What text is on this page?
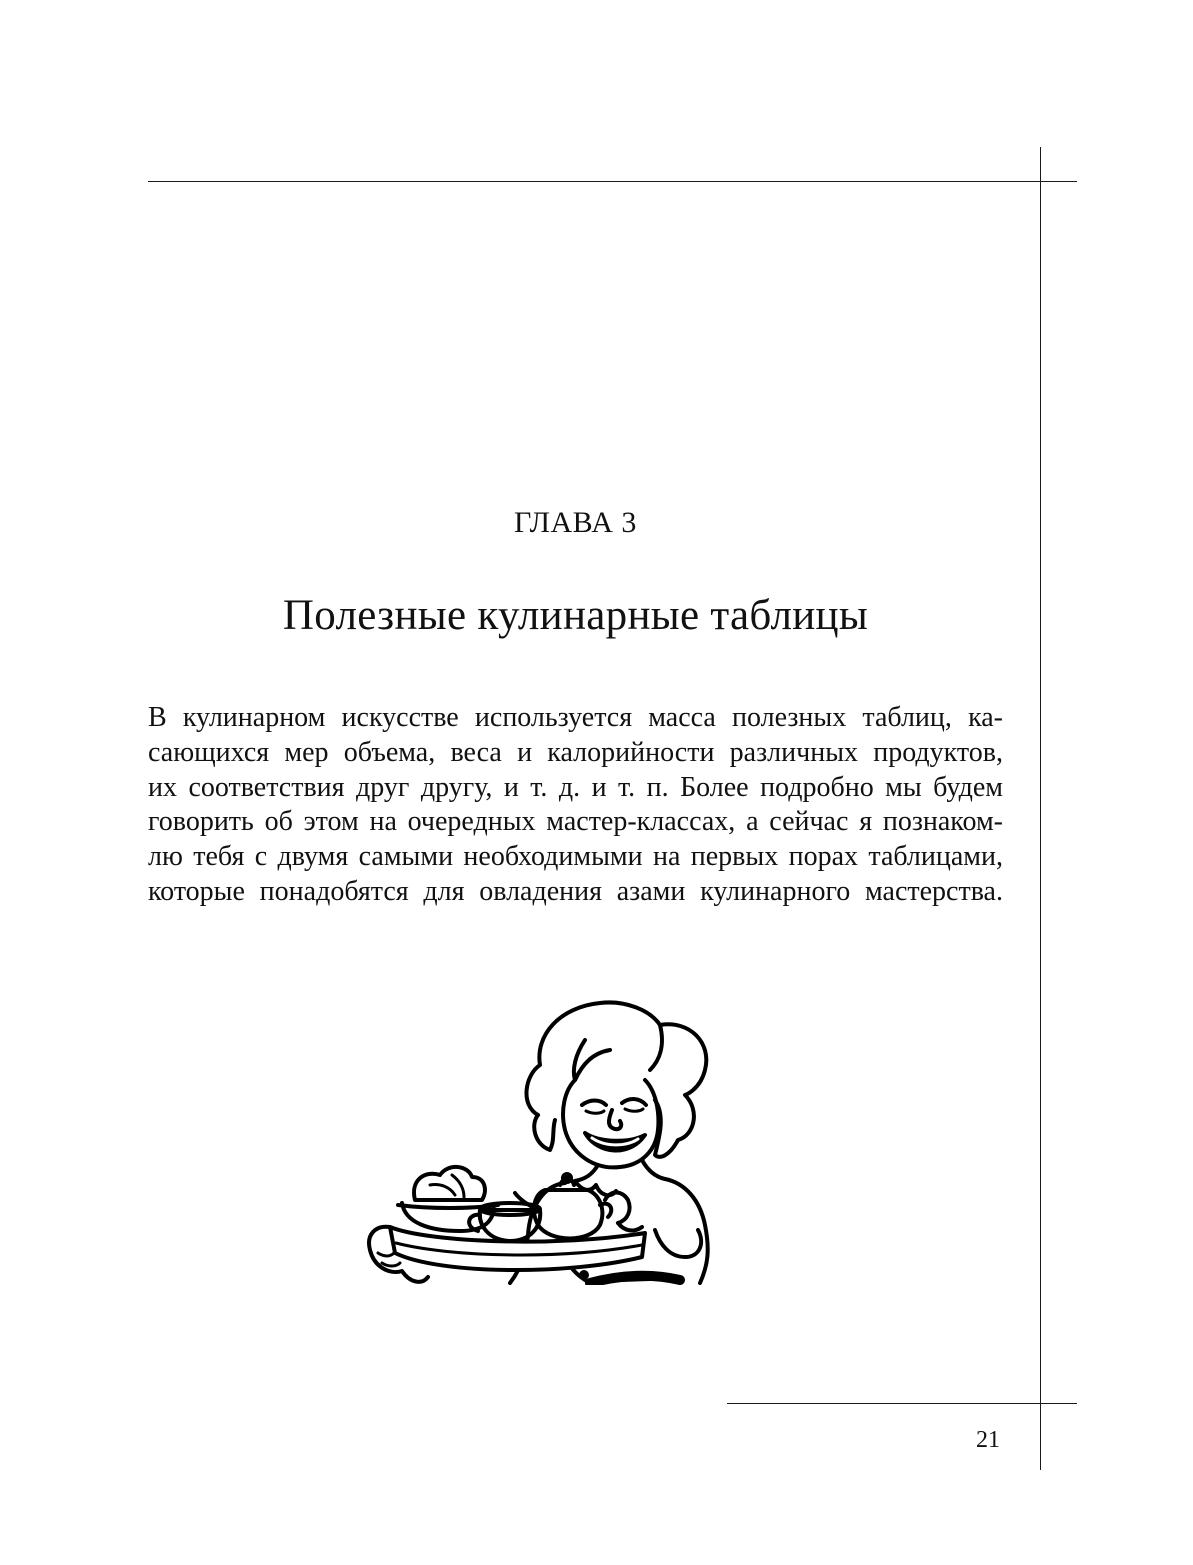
ГЛАВА 3
Полезные кулинарные таблицы
В кулинарном искусстве используется масса полезных таблиц, ка-
сающихся мер объема, веса и калорийности различных продуктов,
их соответствия друг другу, и т. д. и т. п. Более подробно мы будем
говорить об этом на очередных мастер-классах, а сейчас я познаком-
лю тебя с двумя самыми необходимыми на первых порах таблицами,
которые понадобятся для овладения азами кулинарного мастерства.
21
